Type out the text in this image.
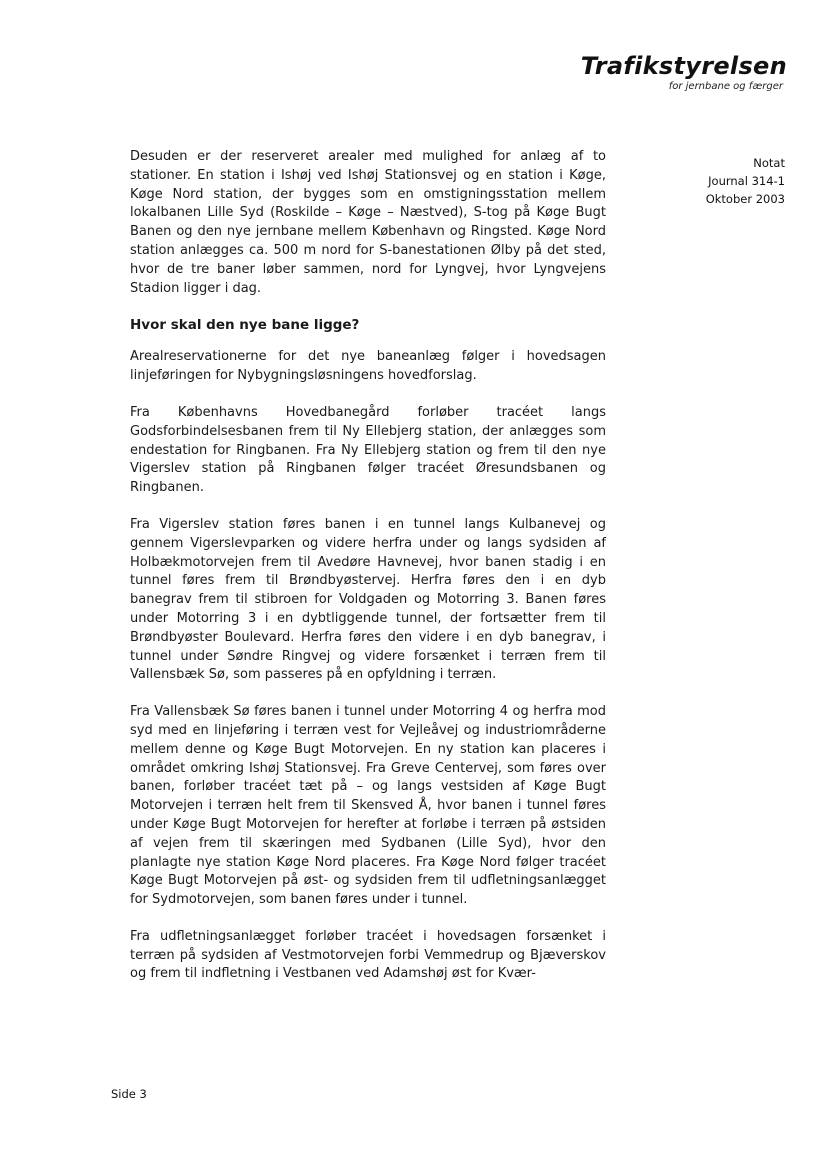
Trafikstyrelsen
for jernbane og færger
Notat
Journal 314-1
Oktober 2003

Desuden er der reserveret arealer med mulighed for anlæg af to stationer. En station i Ishøj ved Ishøj Stationsvej og en station i Køge, Køge Nord station, der bygges som en omstigningsstation mellem lokalbanen Lille Syd (Roskilde – Køge – Næstved), S-tog på Køge Bugt Banen og den nye jernbane mellem København og Ringsted. Køge Nord station anlægges ca. 500 m nord for S-banestationen Ølby på det sted, hvor de tre baner løber sammen, nord for Lyngvej, hvor Lyngvejens Stadion ligger i dag.

Hvor skal den nye bane ligge?

Arealreservationerne for det nye baneanlæg følger i hovedsagen linjeføringen for Nybygningsløsningens hovedforslag.

Fra Københavns Hovedbanegård forløber tracéet langs Godsforbindelsesbanen frem til Ny Ellebjerg station, der anlægges som endestation for Ringbanen. Fra Ny Ellebjerg station og frem til den nye Vigerslev station på Ringbanen følger tracéet Øresundsbanen og Ringbanen.

Fra Vigerslev station føres banen i en tunnel langs Kulbanevej og gennem Vigerslevparken og videre herfra under og langs sydsiden af Holbækmotorvejen frem til Avedøre Havnevej, hvor banen stadig i en tunnel føres frem til Brøndbyøstervej. Herfra føres den i en dyb banegrav frem til stibroen for Voldgaden og Motorring 3. Banen føres under Motorring 3 i en dybtliggende tunnel, der fortsætter frem til Brøndbyøster Boulevard. Herfra føres den videre i en dyb banegrav, i tunnel under Søndre Ringvej og videre forsænket i terræn frem til Vallensbæk Sø, som passeres på en opfyldning i terræn.

Fra Vallensbæk Sø føres banen i tunnel under Motorring 4 og herfra mod syd med en linjeføring i terræn vest for Vejleåvej og industriområderne mellem denne og Køge Bugt Motorvejen. En ny station kan placeres i området omkring Ishøj Stationsvej. Fra Greve Centervej, som føres over banen, forløber tracéet tæt på – og langs vestsiden af Køge Bugt Motorvejen i terræn helt frem til Skensved Å, hvor banen i tunnel føres under Køge Bugt Motorvejen for herefter at forløbe i terræn på østsiden af vejen frem til skæringen med Sydbanen (Lille Syd), hvor den planlagte nye station Køge Nord placeres. Fra Køge Nord følger tracéet Køge Bugt Motorvejen på øst- og sydsiden frem til udfletningsanlægget for Sydmotorvejen, som banen føres under i tunnel.

Fra udfletningsanlægget forløber tracéet i hovedsagen forsænket i terræn på sydsiden af Vestmotorvejen forbi Vemmedrup og Bjæverskov og frem til indfletning i Vestbanen ved Adamshøj øst for Kvær-

Side 3
